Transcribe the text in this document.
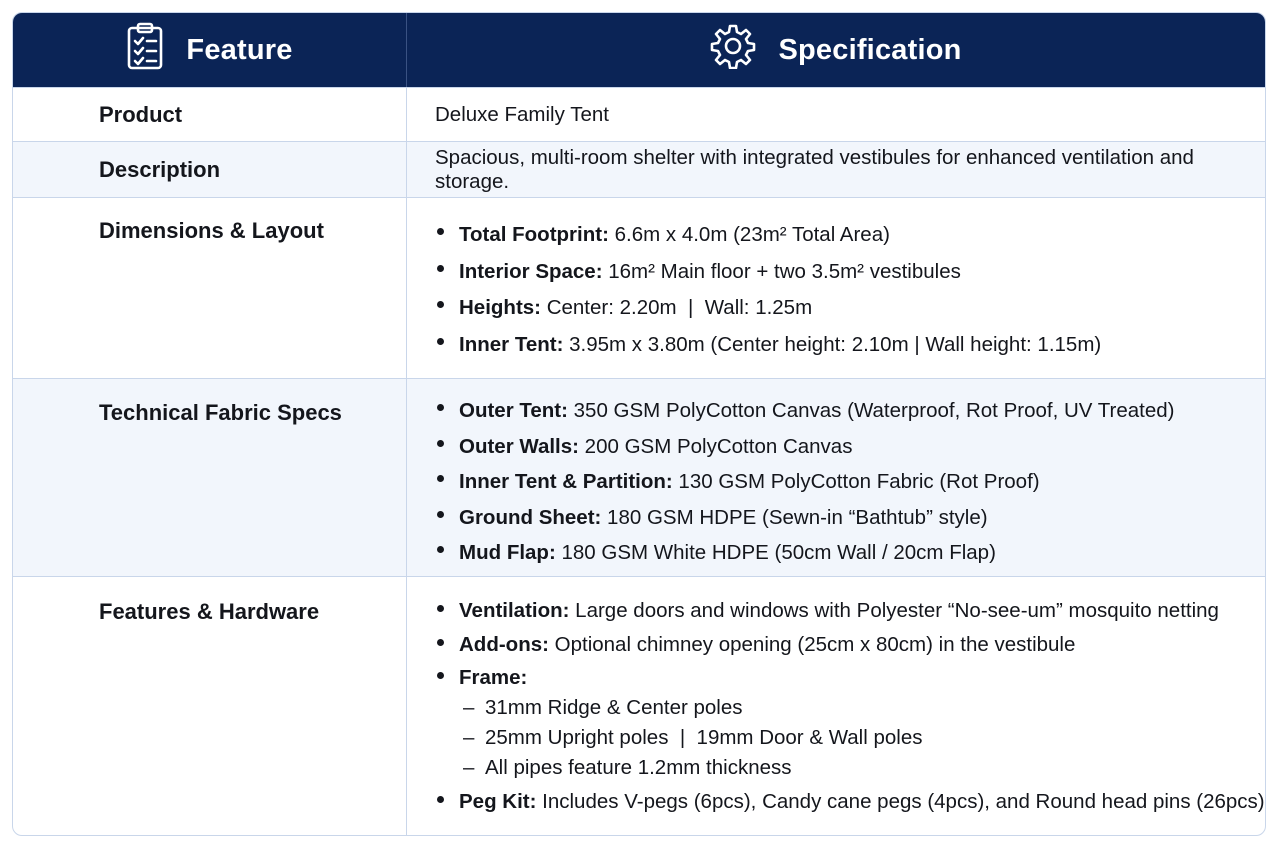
Feature	Specification
Product	Deluxe Family Tent
Description	Spacious, multi-room shelter with integrated vestibules for enhanced ventilation and storage.
Dimensions & Layout	Total Footprint: 6.6m x 4.0m (23m² Total Area)
Interior Space: 16m² Main floor + two 3.5m² vestibules
Heights: Center: 2.20m  |  Wall: 1.25m
Inner Tent: 3.95m x 3.80m (Center height: 2.10m | Wall height: 1.15m)
Technical Fabric Specs	Outer Tent: 350 GSM PolyCotton Canvas (Waterproof, Rot Proof, UV Treated)
Outer Walls: 200 GSM PolyCotton Canvas
Inner Tent & Partition: 130 GSM PolyCotton Fabric (Rot Proof)
Ground Sheet: 180 GSM HDPE (Sewn-in “Bathtub” style)
Mud Flap: 180 GSM White HDPE (50cm Wall / 20cm Flap)
Features & Hardware	Ventilation: Large doors and windows with Polyester “No-see-um” mosquito netting
Add-ons: Optional chimney opening (25cm x 80cm) in the vestibule
Frame:
– 31mm Ridge & Center poles
– 25mm Upright poles  |  19mm Door & Wall poles
– All pipes feature 1.2mm thickness
Peg Kit: Includes V-pegs (6pcs), Candy cane pegs (4pcs), and Round head pins (26pcs)
